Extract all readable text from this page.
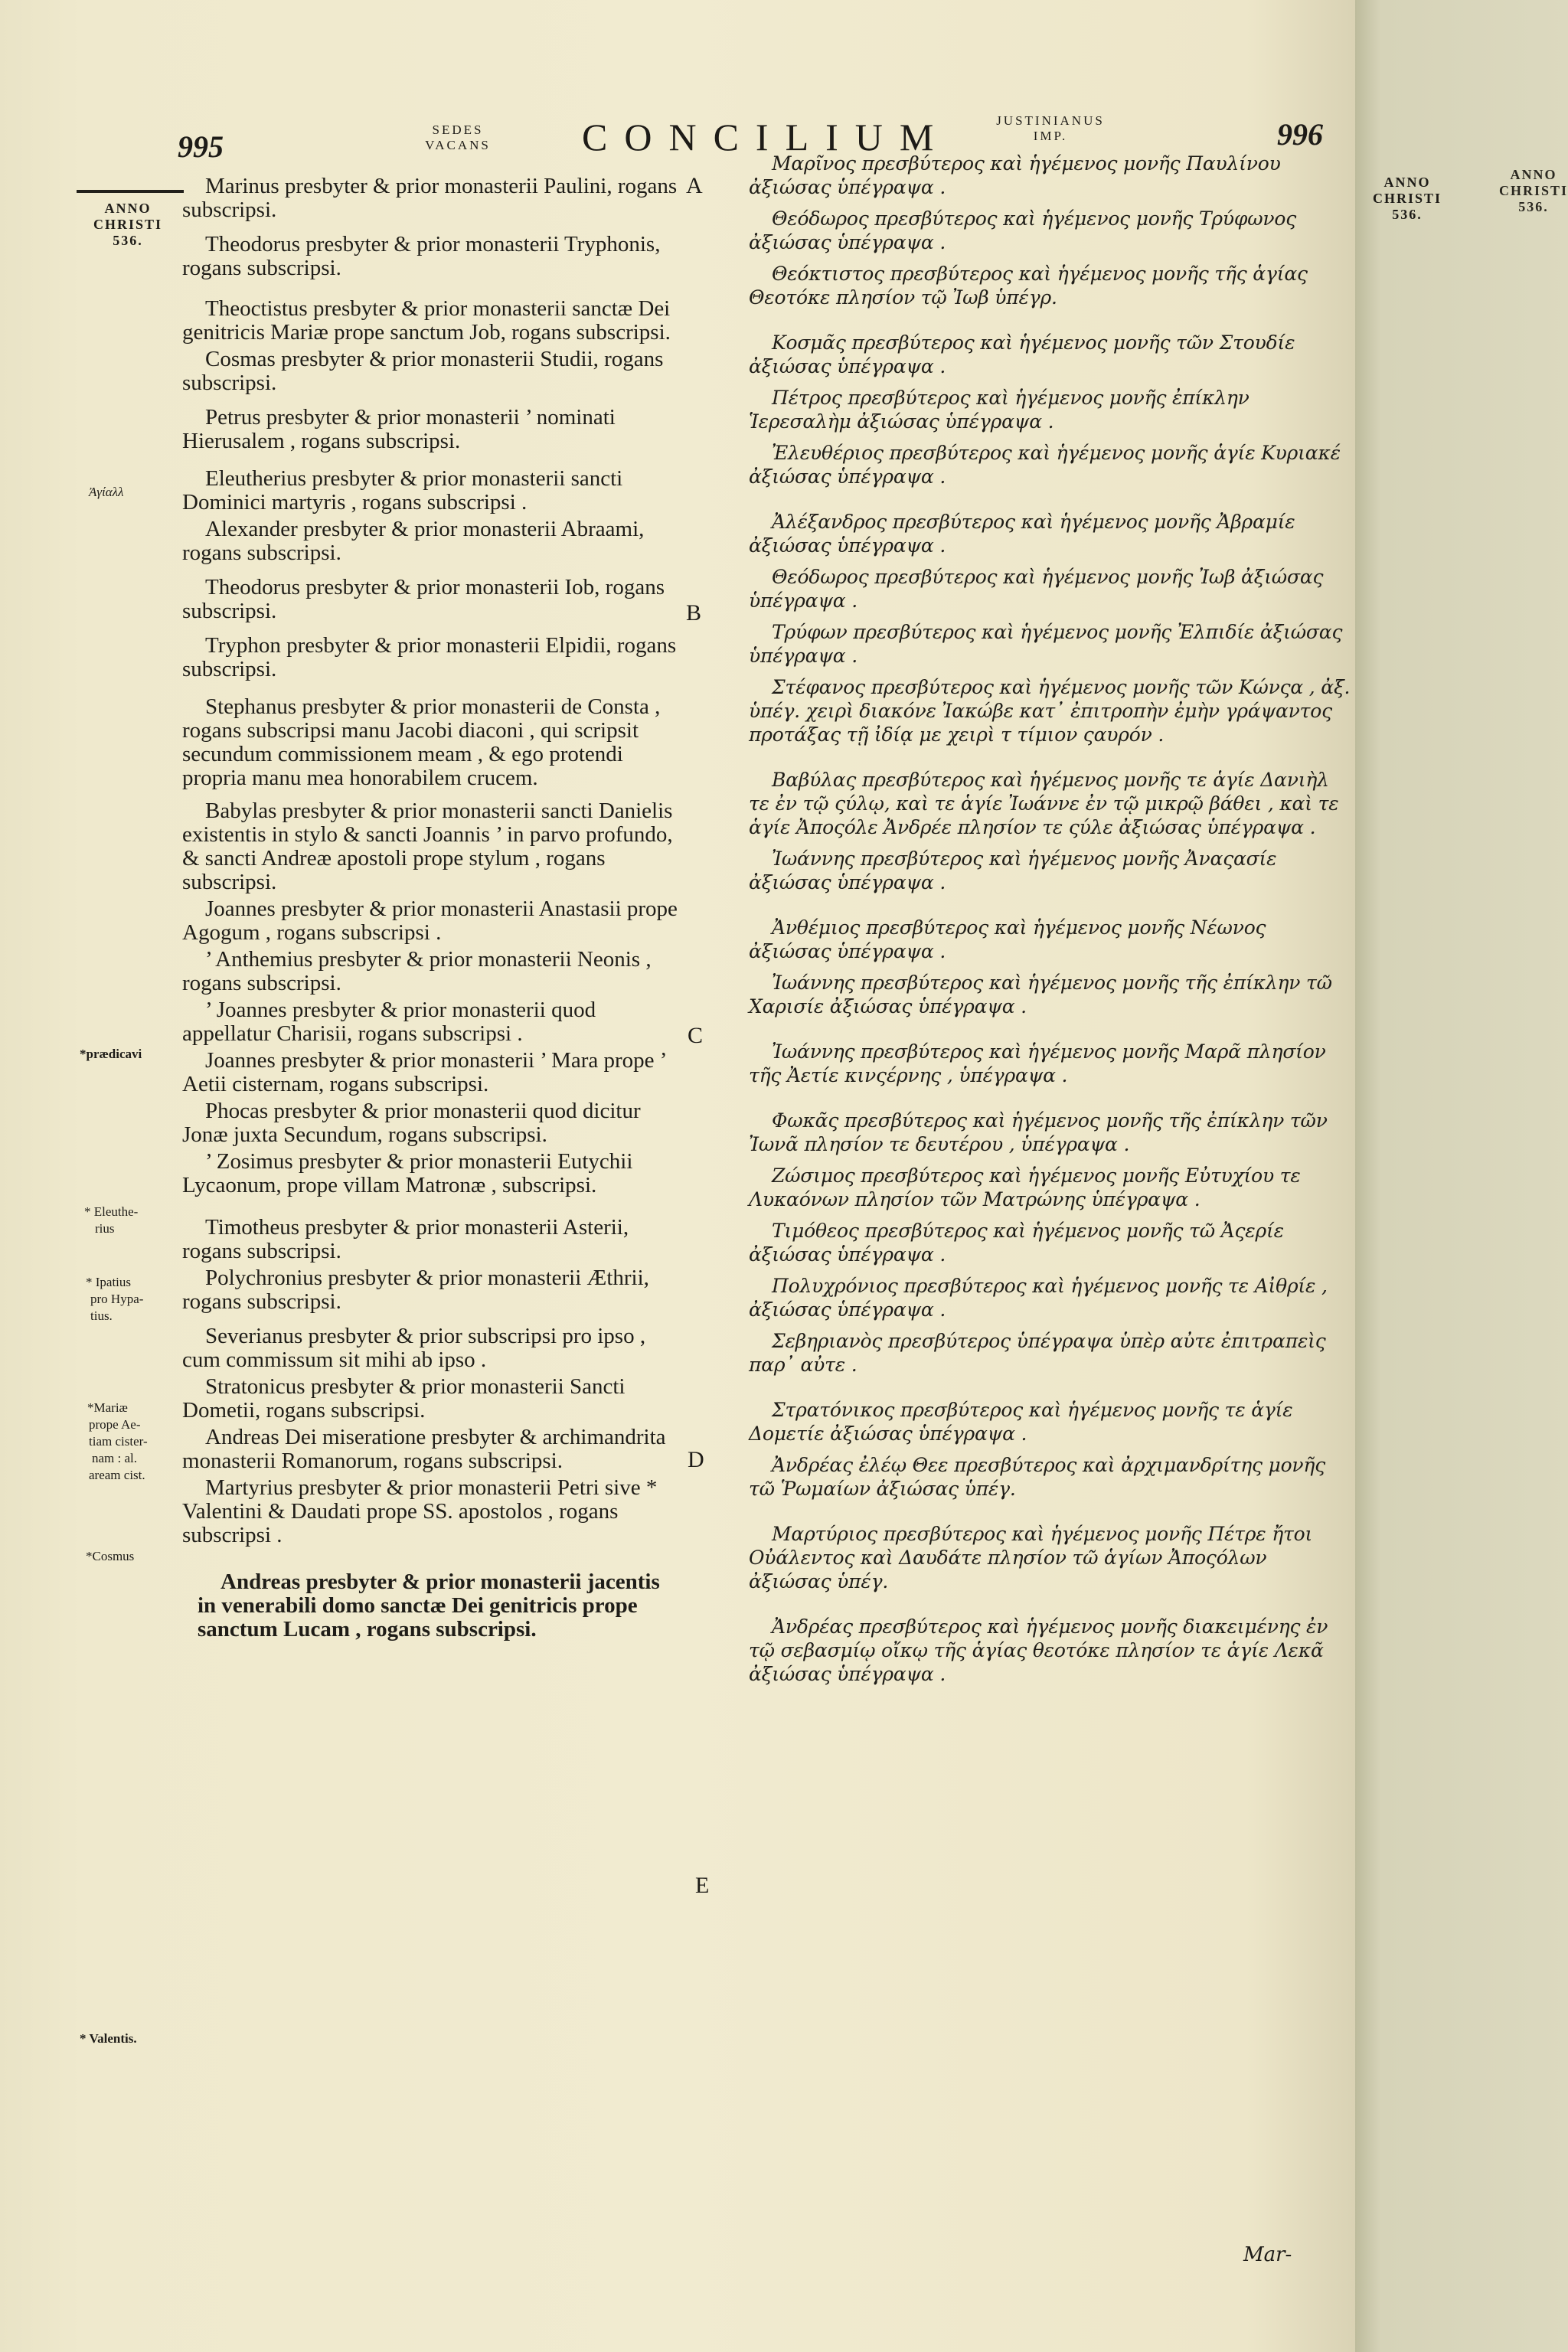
995	SEDES
VACANS	CONCILIUM	JUSTINIANUS
IMP.	996
ANNO
CHRISTI
536.
Ἀγίαλλ
*prædicavi
* Eleuthe-
rius
* Ipatius
pro Hypa-
tius.
*Mariæ
prope Ae-
tiam cister-
nam : al.
aream cist.
*Cosmus
* Valentis.
A
B
C
D
E

Marinus presbyter & prior monasterii Paulini, rogans subscripsi.

Theodorus presbyter & prior monasterii Tryphonis, rogans subscripsi.

Theoctistus presbyter & prior monasterii sanctæ Dei genitricis Mariæ prope sanctum Job, rogans subscripsi.

Cosmas presbyter & prior monasterii Studii, rogans subscripsi.

Petrus presbyter & prior monasterii ’ nominati Hierusalem , rogans subscripsi.

Eleutherius presbyter & prior monasterii sancti Dominici martyris , rogans subscripsi .

Alexander presbyter & prior monasterii Abraami, rogans subscripsi.

Theodorus presbyter & prior monasterii Iob, rogans subscripsi.

Tryphon presbyter & prior monasterii Elpidii, rogans subscripsi.

Stephanus presbyter & prior monasterii de Consta , rogans subscripsi manu Jacobi diaconi , qui scripsit secundum commissionem meam , & ego protendi propria manu mea honorabilem crucem.

Babylas presbyter & prior monasterii sancti Danielis existentis in stylo & sancti Joannis ’ in parvo profundo, & sancti Andreæ apostoli prope stylum , rogans subscripsi.

Joannes presbyter & prior monasterii Anastasii prope Agogum , rogans subscripsi .

’ Anthemius presbyter & prior monasterii Neonis , rogans subscripsi.

’ Joannes presbyter & prior monasterii quod appellatur Charisii, rogans subscripsi .

Joannes presbyter & prior monasterii ’ Mara prope ’ Aetii cisternam, rogans subscripsi.

Phocas presbyter & prior monasterii quod dicitur Jonæ juxta Secundum, rogans subscripsi.

’ Zosimus presbyter & prior monasterii Eutychii Lycaonum, prope villam Matronæ , subscripsi.

Timotheus presbyter & prior monasterii Asterii, rogans subscripsi.

Polychronius presbyter & prior monasterii Æthrii, rogans subscripsi.

Severianus presbyter & prior subscripsi pro ipso , cum commissum sit mihi ab ipso .

Stratonicus presbyter & prior monasterii Sancti Dometii, rogans subscripsi.

Andreas Dei miseratione presbyter & archimandrita monasterii Romanorum, rogans subscripsi.

Martyrius presbyter & prior monasterii Petri sive * Valentini & Daudati prope SS. apostolos , rogans subscripsi .

Andreas presbyter & prior monasterii jacentis in venerabili domo sanctæ Dei genitricis prope sanctum Lucam , rogans subscripsi.

Μαρῖνος πρεσβύτερος καὶ ἡγέμενος μονῆς Παυλίνου ἀξιώσας ὑπέγραψα .

Θεόδωρος πρεσβύτερος καὶ ἡγέμενος μονῆς Τρύφωνος ἀξιώσας ὑπέγραψα .

Θεόκτιστος πρεσβύτερος καὶ ἡγέμενος μονῆς τῆς ἁγίας Θεοτόκε πλησίον τῷ Ἰωβ ὑπέγρ.

Κοσμᾶς πρεσβύτερος καὶ ἡγέμενος μονῆς τῶν Στουδίε ἀξιώσας ὑπέγραψα .

Πέτρος πρεσβύτερος καὶ ἡγέμενος μονῆς ἐπίκλην Ἱερεσαλὴμ ἀξιώσας ὑπέγραψα .

Ἐλευθέριος πρεσβύτερος καὶ ἡγέμενος μονῆς ἁγίε Κυριακέ ἀξιώσας ὑπέγραψα .

Ἀλέξανδρος πρεσβύτερος καὶ ἡγέμενος μονῆς Ἀβραμίε ἀξιώσας ὑπέγραψα .

Θεόδωρος πρεσβύτερος καὶ ἡγέμενος μονῆς Ἰωβ ἀξιώσας ὑπέγραψα .

Τρύφων πρεσβύτερος καὶ ἡγέμενος μονῆς Ἐλπιδίε ἀξιώσας ὑπέγραψα .

Στέφανος πρεσβύτερος καὶ ἡγέμενος μονῆς τῶν Κώνςα , ἀξ. ὑπέγ. χειρὶ διακόνε Ἰακώβε κατ᾽ ἐπιτροπὴν ἐμὴν γράψαντος προτάξας τῇ ἰδίᾳ με χειρὶ τ τίμιον ςαυρόν .

Βαβύλας πρεσβύτερος καὶ ἡγέμενος μονῆς τε ἁγίε Δανιὴλ τε ἐν τῷ ςύλῳ, καὶ τε ἁγίε Ἰωάννε ἐν τῷ μικρῷ βάθει , καὶ τε ἁγίε Ἀποςόλε Ἀνδρέε πλησίον τε ςύλε ἀξιώσας ὑπέγραψα .

Ἰωάννης πρεσβύτερος καὶ ἡγέμενος μονῆς Ἀναςασίε ἀξιώσας ὑπέγραψα .

Ἀνθέμιος πρεσβύτερος καὶ ἡγέμενος μονῆς Νέωνος ἀξιώσας ὑπέγραψα .

Ἰωάννης πρεσβύτερος καὶ ἡγέμενος μονῆς τῆς ἐπίκλην τῶ Χαρισίε ἀξιώσας ὑπέγραψα .

Ἰωάννης πρεσβύτερος καὶ ἡγέμενος μονῆς Μαρᾶ πλησίον τῆς Ἀετίε κινςέρνης , ὑπέγραψα .

Φωκᾶς πρεσβύτερος καὶ ἡγέμενος μονῆς τῆς ἐπίκλην τῶν Ἰωνᾶ πλησίον τε δευτέρου , ὑπέγραψα .

Ζώσιμος πρεσβύτερος καὶ ἡγέμενος μονῆς Εὐτυχίου τε Λυκαόνων πλησίον τῶν Ματρώνης ὑπέγραψα .

Τιμόθεος πρεσβύτερος καὶ ἡγέμενος μονῆς τῶ Ἀςερίε ἀξιώσας ὑπέγραψα .

Πολυχρόνιος πρεσβύτερος καὶ ἡγέμενος μονῆς τε Αἰθρίε , ἀξιώσας ὑπέγραψα .

Σεβηριανὸς πρεσβύτερος ὑπέγραψα ὑπὲρ αὐτε ἐπιτραπεὶς παρ᾽ αὐτε .

Στρατόνικος πρεσβύτερος καὶ ἡγέμενος μονῆς τε ἁγίε Δομετίε ἀξιώσας ὑπέγραψα .

Ἀνδρέας ἐλέῳ Θεε πρεσβύτερος καὶ ἀρχιμανδρίτης μονῆς τῶ Ῥωμαίων ἀξιώσας ὑπέγ.

Μαρτύριος πρεσβύτερος καὶ ἡγέμενος μονῆς Πέτρε ἤτοι Οὐάλεντος καὶ Δαυδάτε πλησίον τῶ ἁγίων Ἀποςόλων ἀξιώσας ὑπέγ.

Ἀνδρέας πρεσβύτερος καὶ ἡγέμενος μονῆς διακειμένης ἐν τῷ σεβασμίῳ οἴκῳ τῆς ἁγίας θεοτόκε πλησίον τε ἁγίε Λεκᾶ ἀξιώσας ὑπέγραψα .

Mar-
ANNO
CHRISTI
536.
ANNO
CHRISTI
536.
